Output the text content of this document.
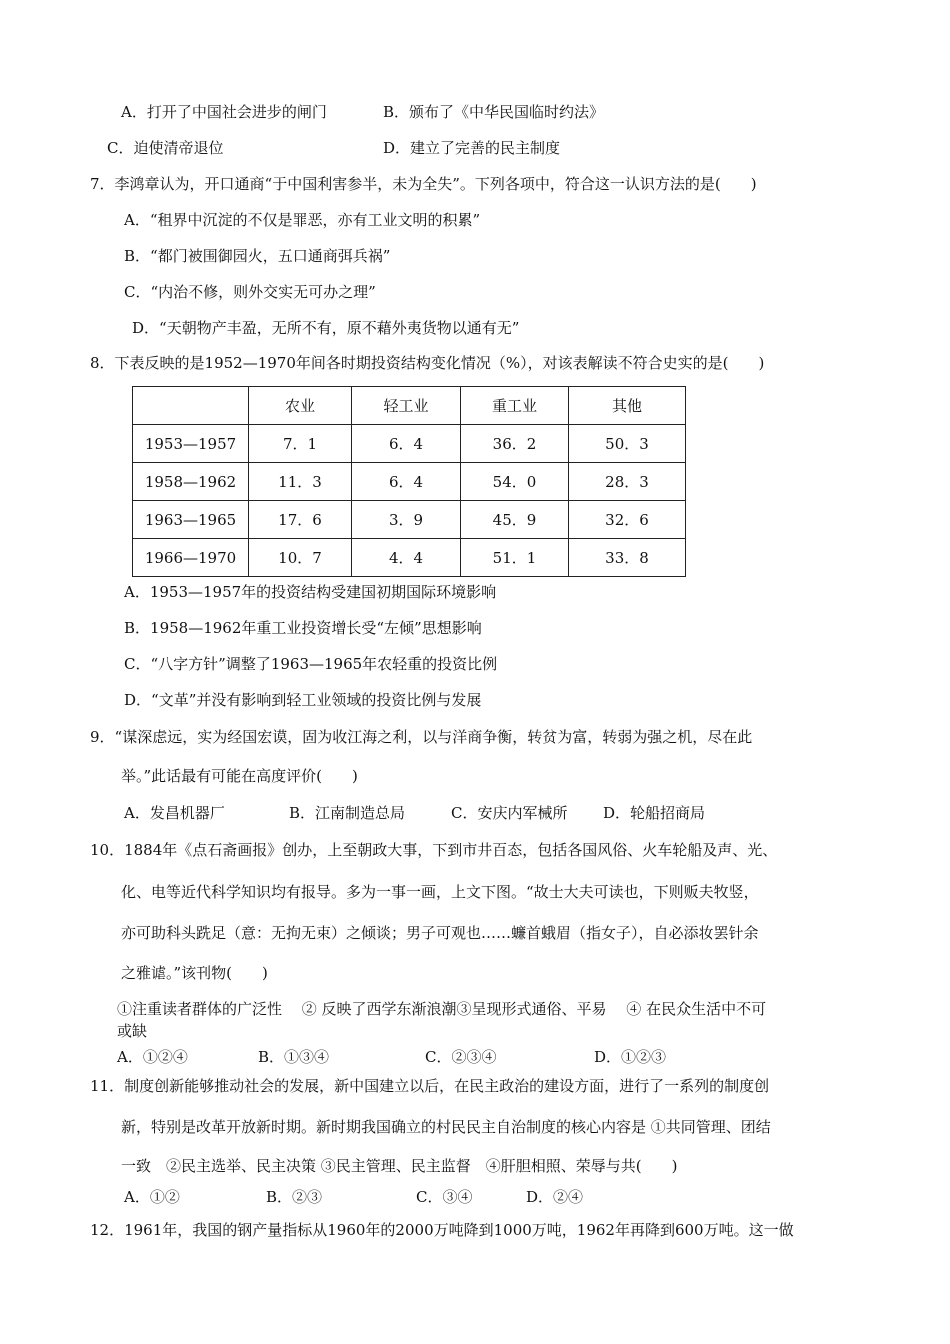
A．打开了中国社会进步的闸门	B．颁布了《中华民国临时约法》
C．迫使清帝退位	D．建立了完善的民主制度
7．李鸿章认为，开口通商“于中国利害参半，未为全失”。下列各项中，符合这一认识方法的是(　　)
A．“租界中沉淀的不仅是罪恶，亦有工业文明的积累”
B．“都门被围御园火，五口通商弭兵祸”
C．“内治不修，则外交实无可办之理”
D．“天朝物产丰盈，无所不有，原不藉外夷货物以通有无”
8．下表反映的是1952—1970年间各时期投资结构变化情况（%），对该表解读不符合史实的是(　　)
	农业	轻工业	重工业	其他
1953—1957	7．1	6．4	36．2	50．3
1958—1962	11．3	6．4	54．0	28．3
1963—1965	17．6	3．9	45．9	32．6
1966—1970	10．7	4．4	51．1	33．8
A．1953—1957年的投资结构受建国初期国际环境影响
B．1958—1962年重工业投资增长受“左倾”思想影响
C．“八字方针”调整了1963—1965年农轻重的投资比例
D．“文革”并没有影响到轻工业领域的投资比例与发展
9．“谋深虑远，实为经国宏谟，固为收江海之利，以与洋商争衡，转贫为富，转弱为强之机，尽在此
举。”此话最有可能在高度评价(　　)
A．发昌机器厂	B．江南制造总局	C．安庆内军械所 D．轮船招商局
10．1884年《点石斋画报》创办，上至朝政大事，下到市井百态，包括各国风俗、火车轮船及声、光、
化、电等近代科学知识均有报导。多为一事一画，上文下图。“故士大夫可读也，下则贩夫牧竖，
亦可助科头跣足（意：无拘无束）之倾谈；男子可观也……蠊首蛾眉（指女子），自必添妆罢针余
之雅谑。”该刊物(　　)
①注重读者群体的广泛性　 ② 反映了西学东渐浪潮③呈现形式通俗、平易　 ④ 在民众生活中不可
或缺
A．①②④	B．①③④	C．②③④	D．①②③
11．制度创新能够推动社会的发展，新中国建立以后，在民主政治的建设方面，进行了一系列的制度创
新，特别是改革开放新时期。新时期我国确立的村民民主自治制度的核心内容是 ①共同管理、团结
一致　②民主选举、民主决策 ③民主管理、民主监督　④肝胆相照、荣辱与共(　　)
A．①②	B．②③	C．③④	D．②④
12．1961年，我国的钢产量指标从1960年的2000万吨降到1000万吨，1962年再降到600万吨。这一做
